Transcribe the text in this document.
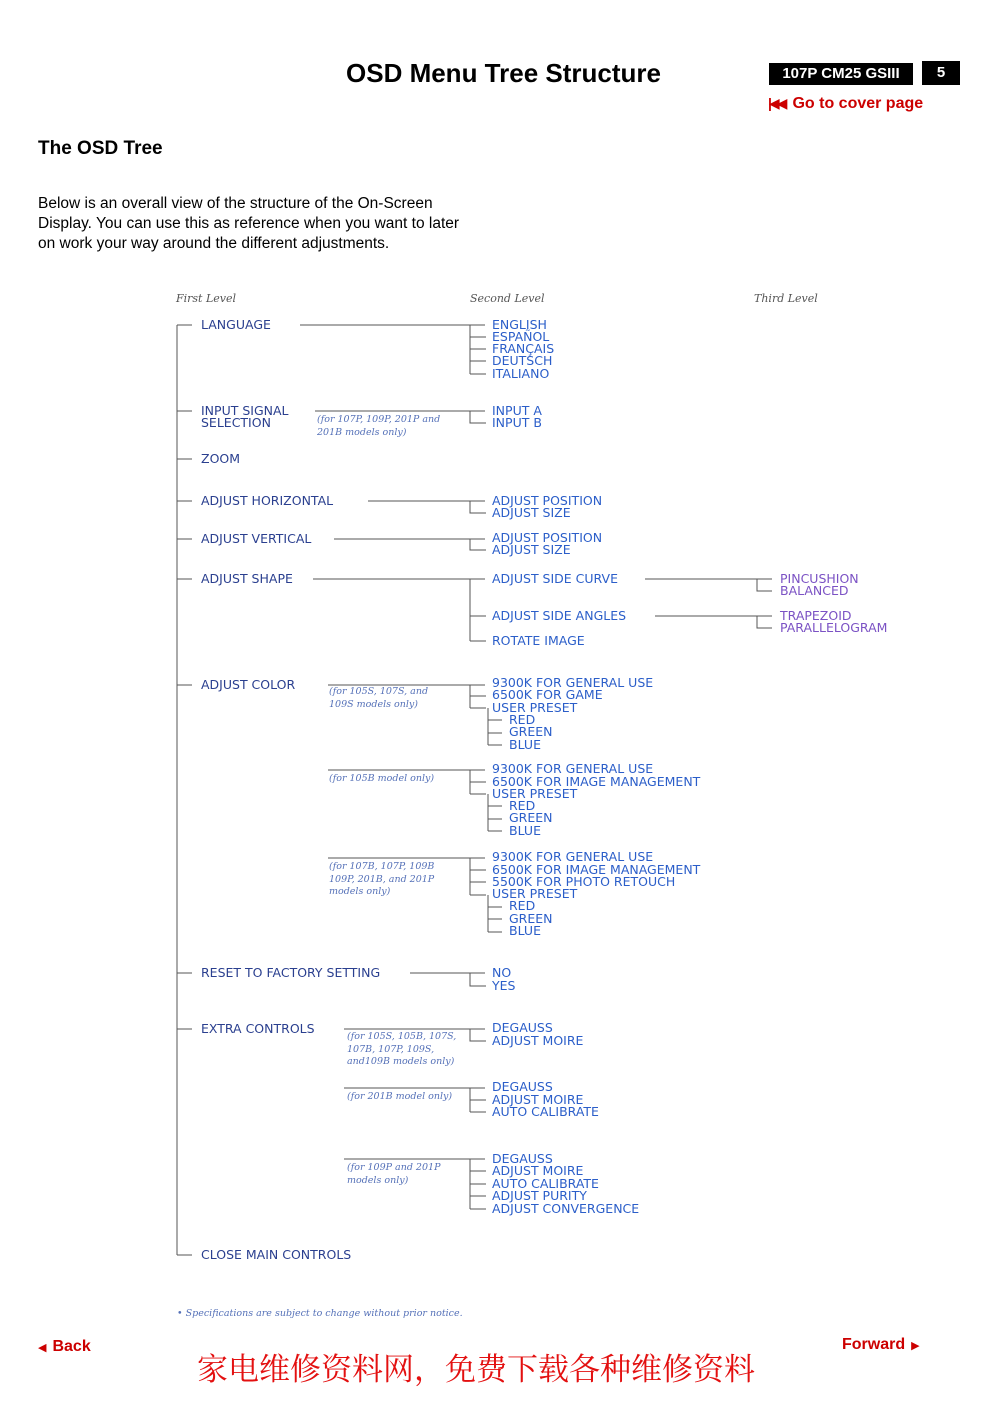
OSD Menu Tree Structure	107P CM25 GSIII	5
|◀◀ Go to cover page
The OSD Tree
Below is an overall view of the structure of the On-Screen Display. You can use this as reference when you want to later on work your way around the different adjustments.
First Level	Second Level	Third Level
LANGUAGE
INPUT SIGNAL
SELECTION
ZOOM
ADJUST HORIZONTAL
ADJUST VERTICAL
ADJUST SHAPE
ADJUST COLOR
RESET TO FACTORY SETTING
EXTRA CONTROLS
CLOSE MAIN CONTROLS
(for 107P, 109P, 201P and
201B models only)
(for 105S, 107S, and
109S models only)
(for 105B model only)
(for 107B, 107P, 109B
109P, 201B, and 201P
models only)
(for 105S, 105B, 107S,
107B, 107P, 109S,
and109B models only)
(for 201B model only)
(for 109P and 201P
models only)
ENGLISH
ESPAÑOL
FRANÇAIS
DEUTSCH
ITALIANO
INPUT A
INPUT B
ADJUST POSITION
ADJUST SIZE
ADJUST POSITION
ADJUST SIZE
ADJUST SIDE CURVE
ADJUST SIDE ANGLES
ROTATE IMAGE
9300K FOR GENERAL USE
6500K FOR GAME
USER PRESET
RED
GREEN
BLUE
9300K FOR GENERAL USE
6500K FOR IMAGE MANAGEMENT
USER PRESET
RED
GREEN
BLUE
9300K FOR GENERAL USE
6500K FOR IMAGE MANAGEMENT
5500K FOR PHOTO RETOUCH
USER PRESET
RED
GREEN
BLUE
NO
YES
DEGAUSS
ADJUST MOIRE
DEGAUSS
ADJUST MOIRE
AUTO CALIBRATE
DEGAUSS
ADJUST MOIRE
AUTO CALIBRATE
ADJUST PURITY
ADJUST CONVERGENCE
PINCUSHION
BALANCED
TRAPEZOID
PARALLELOGRAM
• Specifications are subject to change without prior notice.
◀ Back	Forward ▶
家电维修资料网，免费下载各种维修资料
